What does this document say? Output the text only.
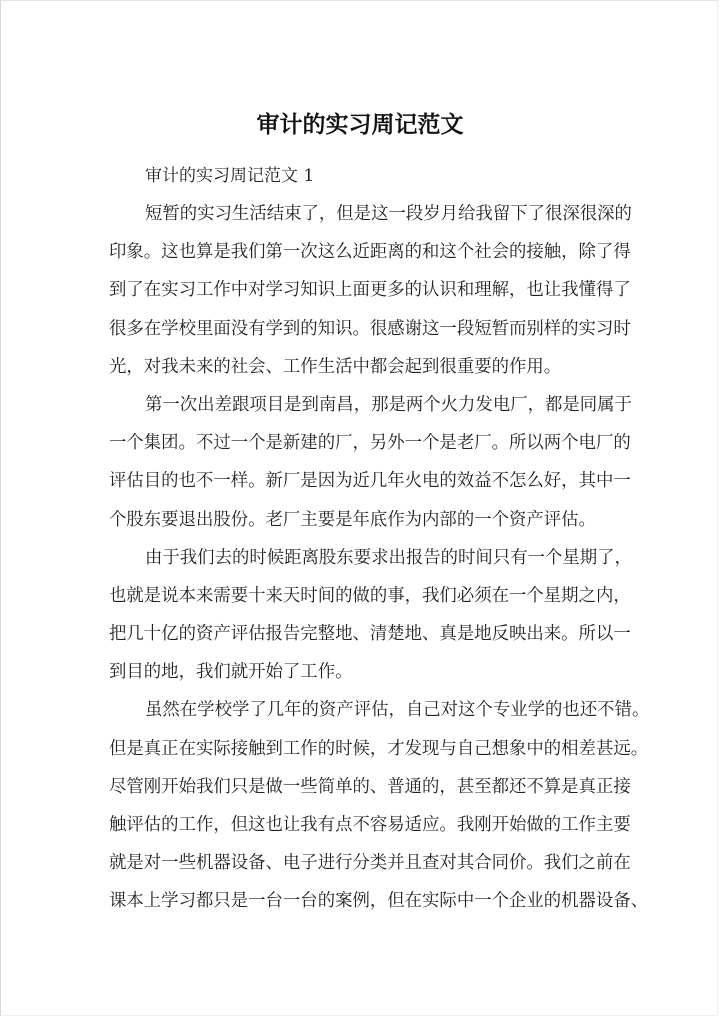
审计的实习周记范文

审计的实习周记范文 1

短暂的实习生活结束了，但是这一段岁月给我留下了很深很深的
印象。这也算是我们第一次这么近距离的和这个社会的接触，除了得
到了在实习工作中对学习知识上面更多的认识和理解，也让我懂得了
很多在学校里面没有学到的知识。很感谢这一段短暂而别样的实习时
光，对我未来的社会、工作生活中都会起到很重要的作用。

第一次出差跟项目是到南昌，那是两个火力发电厂，都是同属于
一个集团。不过一个是新建的厂，另外一个是老厂。所以两个电厂的
评估目的也不一样。新厂是因为近几年火电的效益不怎么好，其中一
个股东要退出股份。老厂主要是年底作为内部的一个资产评估。

由于我们去的时候距离股东要求出报告的时间只有一个星期了，
也就是说本来需要十来天时间的做的事，我们必须在一个星期之内，
把几十亿的资产评估报告完整地、清楚地、真是地反映出来。所以一
到目的地，我们就开始了工作。

虽然在学校学了几年的资产评估，自己对这个专业学的也还不错。
但是真正在实际接触到工作的时候，才发现与自己想象中的相差甚远。
尽管刚开始我们只是做一些简单的、普通的，甚至都还不算是真正接
触评估的工作，但这也让我有点不容易适应。我刚开始做的工作主要
就是对一些机器设备、电子进行分类并且查对其合同价。我们之前在
课本上学习都只是一台一台的案例，但在实际中一个企业的机器设备、
